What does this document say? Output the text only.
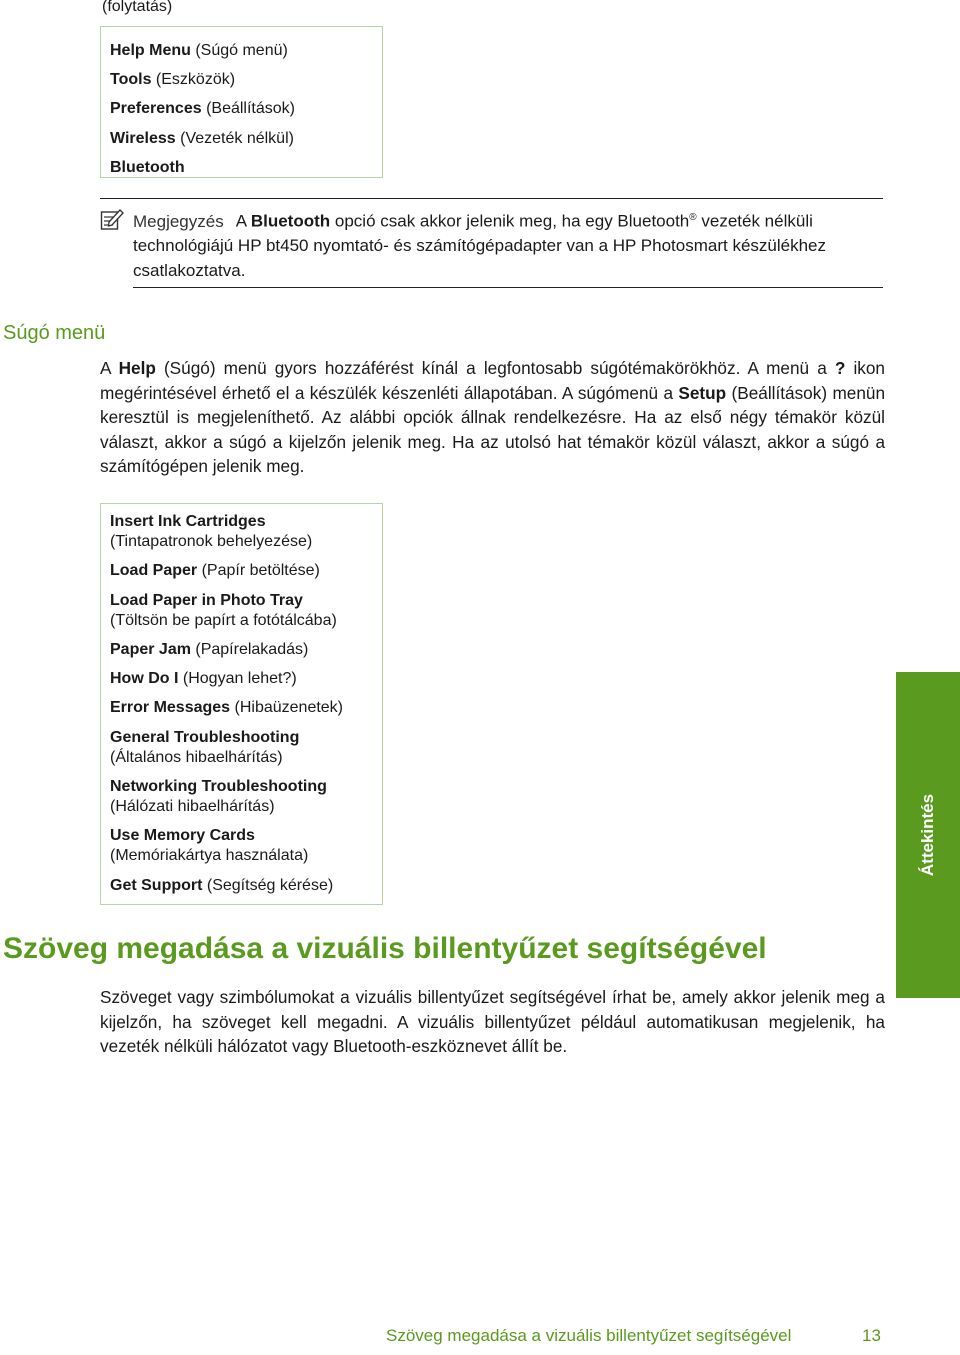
(folytatás)
Help Menu (Súgó menü)
Tools (Eszközök)
Preferences (Beállítások)
Wireless (Vezeték nélkül)
Bluetooth
Megjegyzés A Bluetooth opció csak akkor jelenik meg, ha egy Bluetooth® vezeték nélküli technológiájú HP bt450 nyomtató- és számítógépadapter van a HP Photosmart készülékhez csatlakoztatva.
Súgó menü
A Help (Súgó) menü gyors hozzáférést kínál a legfontosabb súgótémakörökhöz. A menü a ? ikon megérintésével érhető el a készülék készenléti állapotában. A súgómenü a Setup (Beállítások) menün keresztül is megjeleníthető. Az alábbi opciók állnak rendelkezésre. Ha az első négy témakör közül választ, akkor a súgó a kijelzőn jelenik meg. Ha az utolsó hat témakör közül választ, akkor a súgó a számítógépen jelenik meg.
Insert Ink Cartridges
(Tintapatronok behelyezése)
Load Paper (Papír betöltése)
Load Paper in Photo Tray
(Töltsön be papírt a fotótálcába)
Paper Jam (Papírelakadás)
How Do I (Hogyan lehet?)
Error Messages (Hibaüzenetek)
General Troubleshooting
(Általános hibaelhárítás)
Networking Troubleshooting
(Hálózati hibaelhárítás)
Use Memory Cards
(Memóriakártya használata)
Get Support (Segítség kérése)
Szöveg megadása a vizuális billentyűzet segítségével
Szöveget vagy szimbólumokat a vizuális billentyűzet segítségével írhat be, amely akkor jelenik meg a kijelzőn, ha szöveget kell megadni. A vizuális billentyűzet például automatikusan megjelenik, ha vezeték nélküli hálózatot vagy Bluetooth-eszköznevet állít be.
Áttekintés
Szöveg megadása a vizuális billentyűzet segítségével	13
